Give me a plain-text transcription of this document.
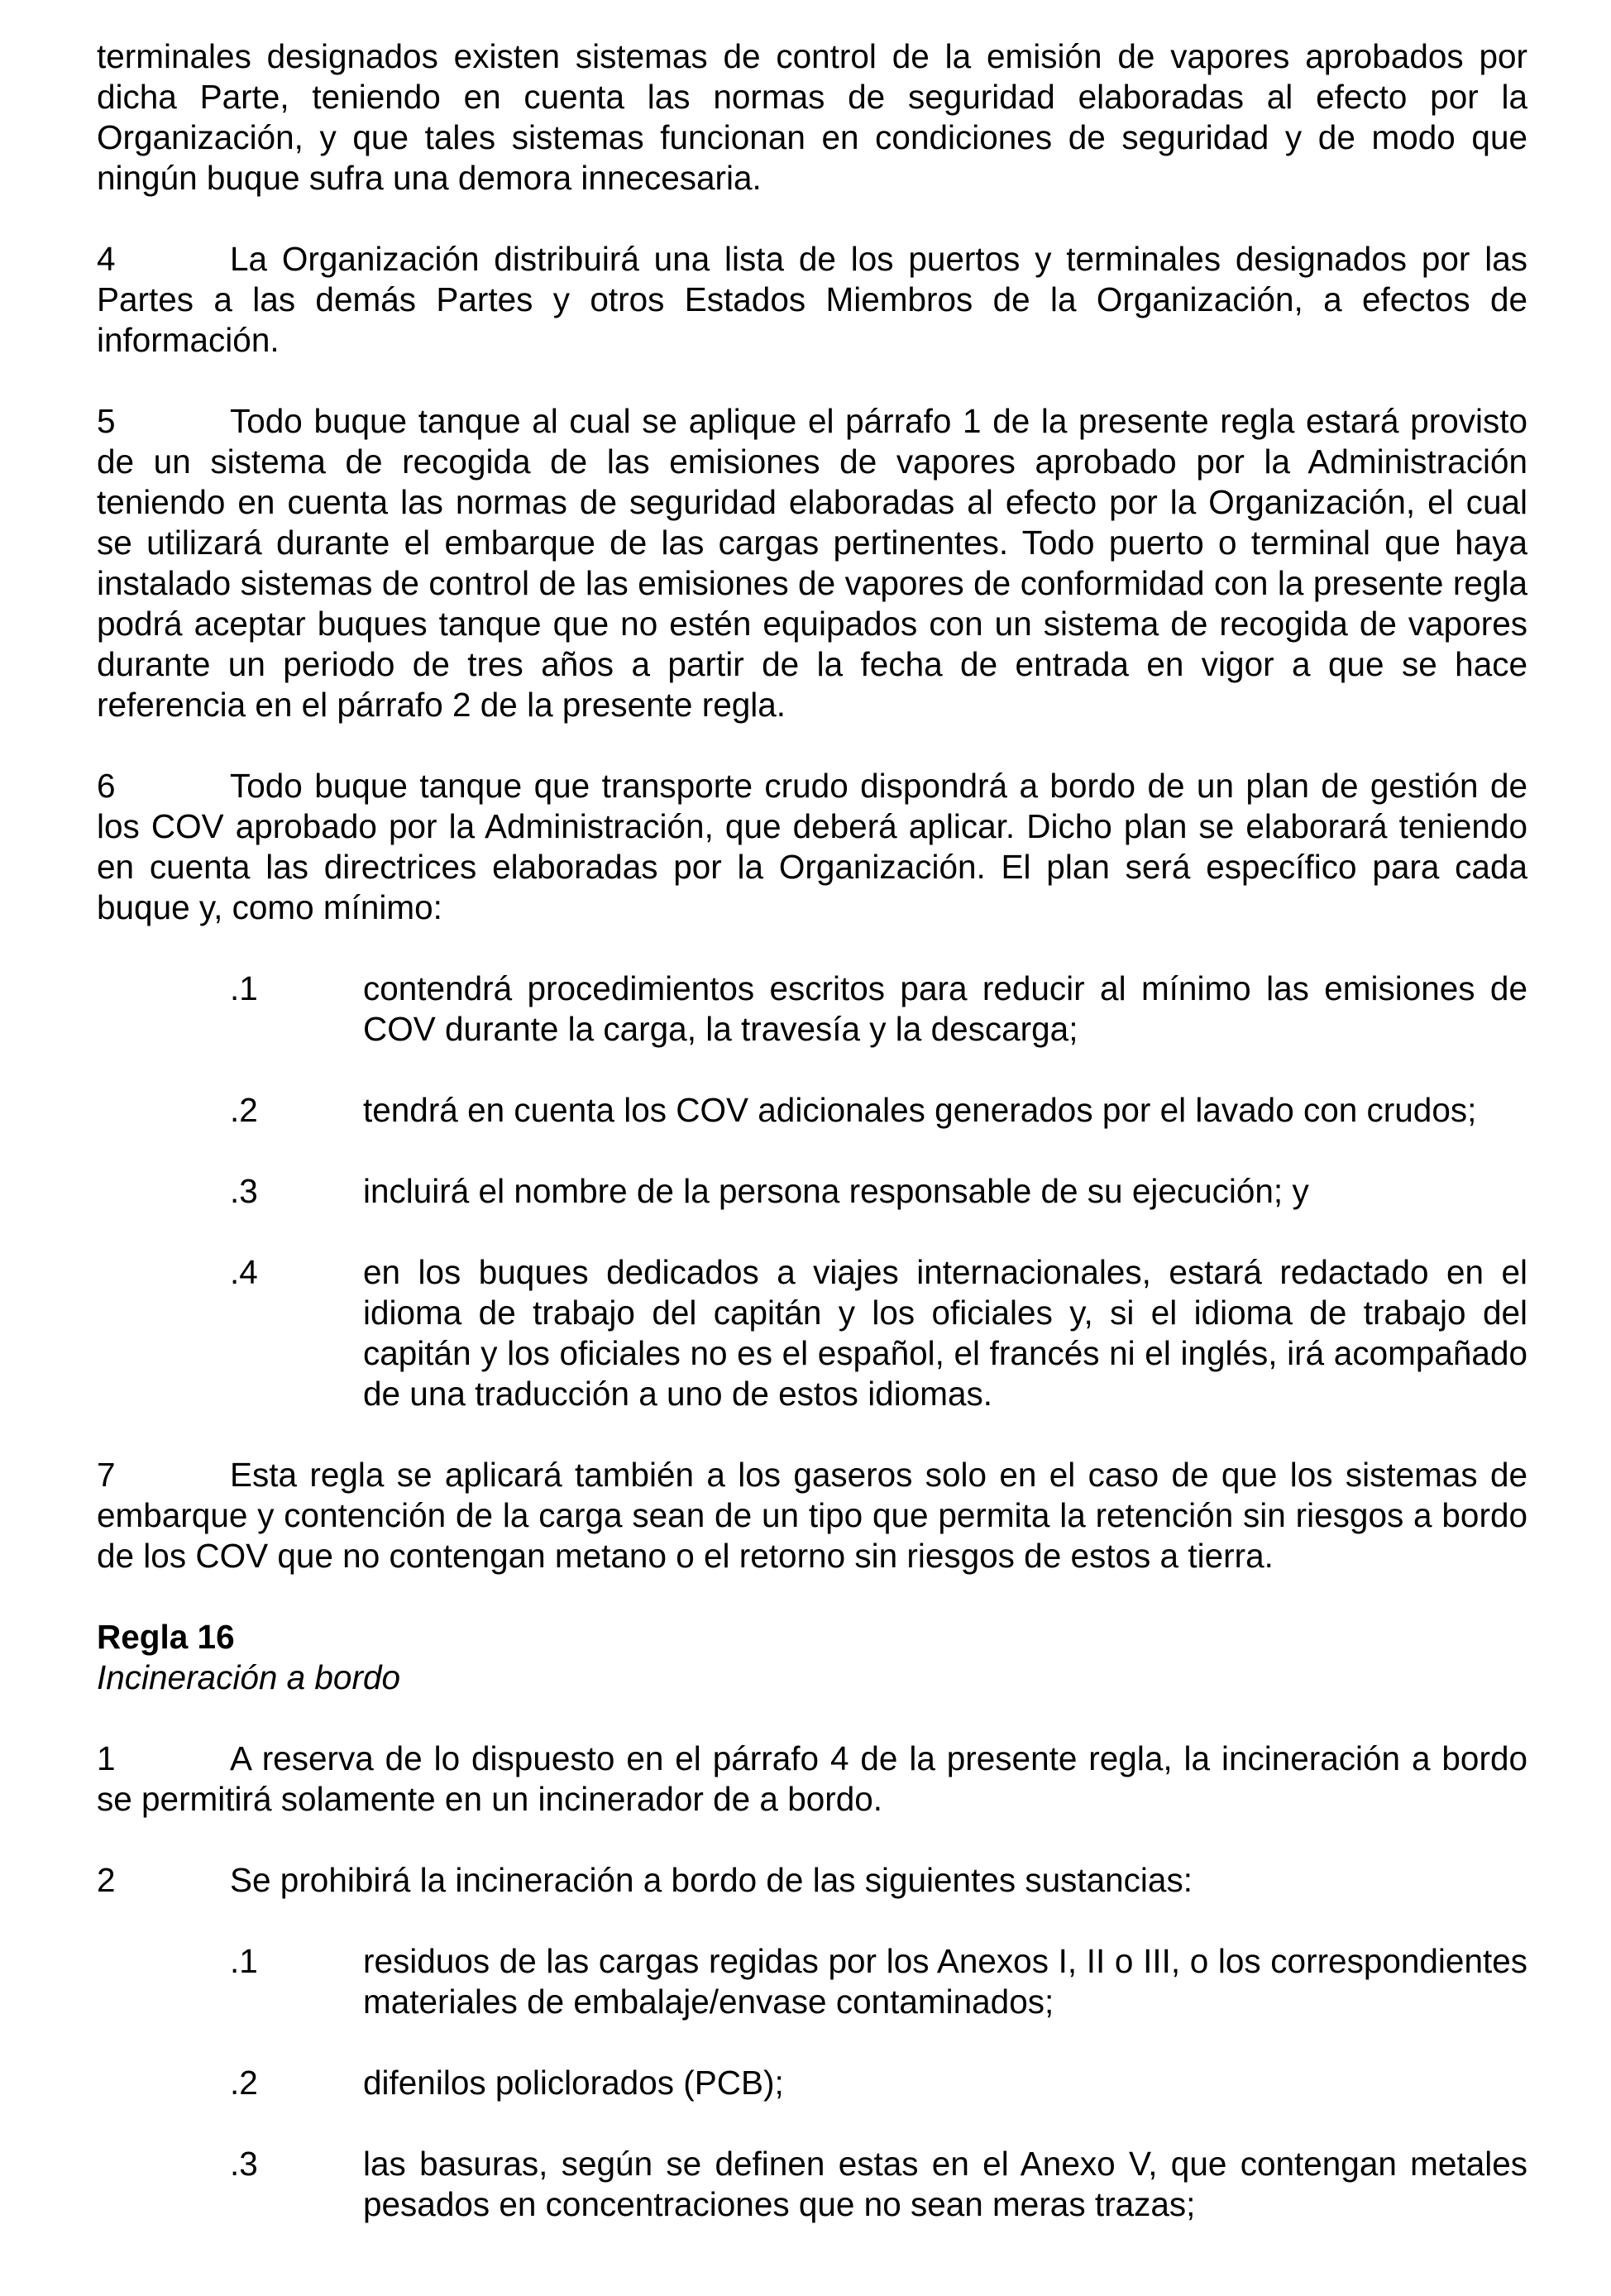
terminales designados existen sistemas de control de la emisión de vapores aprobados por dicha Parte, teniendo en cuenta las normas de seguridad elaboradas al efecto por la Organización, y que tales sistemas funcionan en condiciones de seguridad y de modo que ningún buque sufra una demora innecesaria.

4	La Organización distribuirá una lista de los puertos y terminales designados por las Partes a las demás Partes y otros Estados Miembros de la Organización, a efectos de información.

5	Todo buque tanque al cual se aplique el párrafo 1 de la presente regla estará provisto de un sistema de recogida de las emisiones de vapores aprobado por la Administración teniendo en cuenta las normas de seguridad elaboradas al efecto por la Organización, el cual se utilizará durante el embarque de las cargas pertinentes. Todo puerto o terminal que haya instalado sistemas de control de las emisiones de vapores de conformidad con la presente regla podrá aceptar buques tanque que no estén equipados con un sistema de recogida de vapores durante un periodo de tres años a partir de la fecha de entrada en vigor a que se hace referencia en el párrafo 2 de la presente regla.

6	Todo buque tanque que transporte crudo dispondrá a bordo de un plan de gestión de los COV aprobado por la Administración, que deberá aplicar. Dicho plan se elaborará teniendo en cuenta las directrices elaboradas por la Organización. El plan será específico para cada buque y, como mínimo:

.1	contendrá procedimientos escritos para reducir al mínimo las emisiones de COV durante la carga, la travesía y la descarga;
.2	tendrá en cuenta los COV adicionales generados por el lavado con crudos;
.3	incluirá el nombre de la persona responsable de su ejecución; y
.4	en los buques dedicados a viajes internacionales, estará redactado en el idioma de trabajo del capitán y los oficiales y, si el idioma de trabajo del capitán y los oficiales no es el español, el francés ni el inglés, irá acompañado de una traducción a uno de estos idiomas.

7	Esta regla se aplicará también a los gaseros solo en el caso de que los sistemas de embarque y contención de la carga sean de un tipo que permita la retención sin riesgos a bordo de los COV que no contengan metano o el retorno sin riesgos de estos a tierra.

Regla 16

Incineración a bordo

1	A reserva de lo dispuesto en el párrafo 4 de la presente regla, la incineración a bordo se permitirá solamente en un incinerador de a bordo.

2	Se prohibirá la incineración a bordo de las siguientes sustancias:
.1	residuos de las cargas regidas por los Anexos I, II o III, o los correspondientes materiales de embalaje/envase contaminados;
.2	difenilos policlorados (PCB);
.3	las basuras, según se definen estas en el Anexo V, que contengan metales pesados en concentraciones que no sean meras trazas;
